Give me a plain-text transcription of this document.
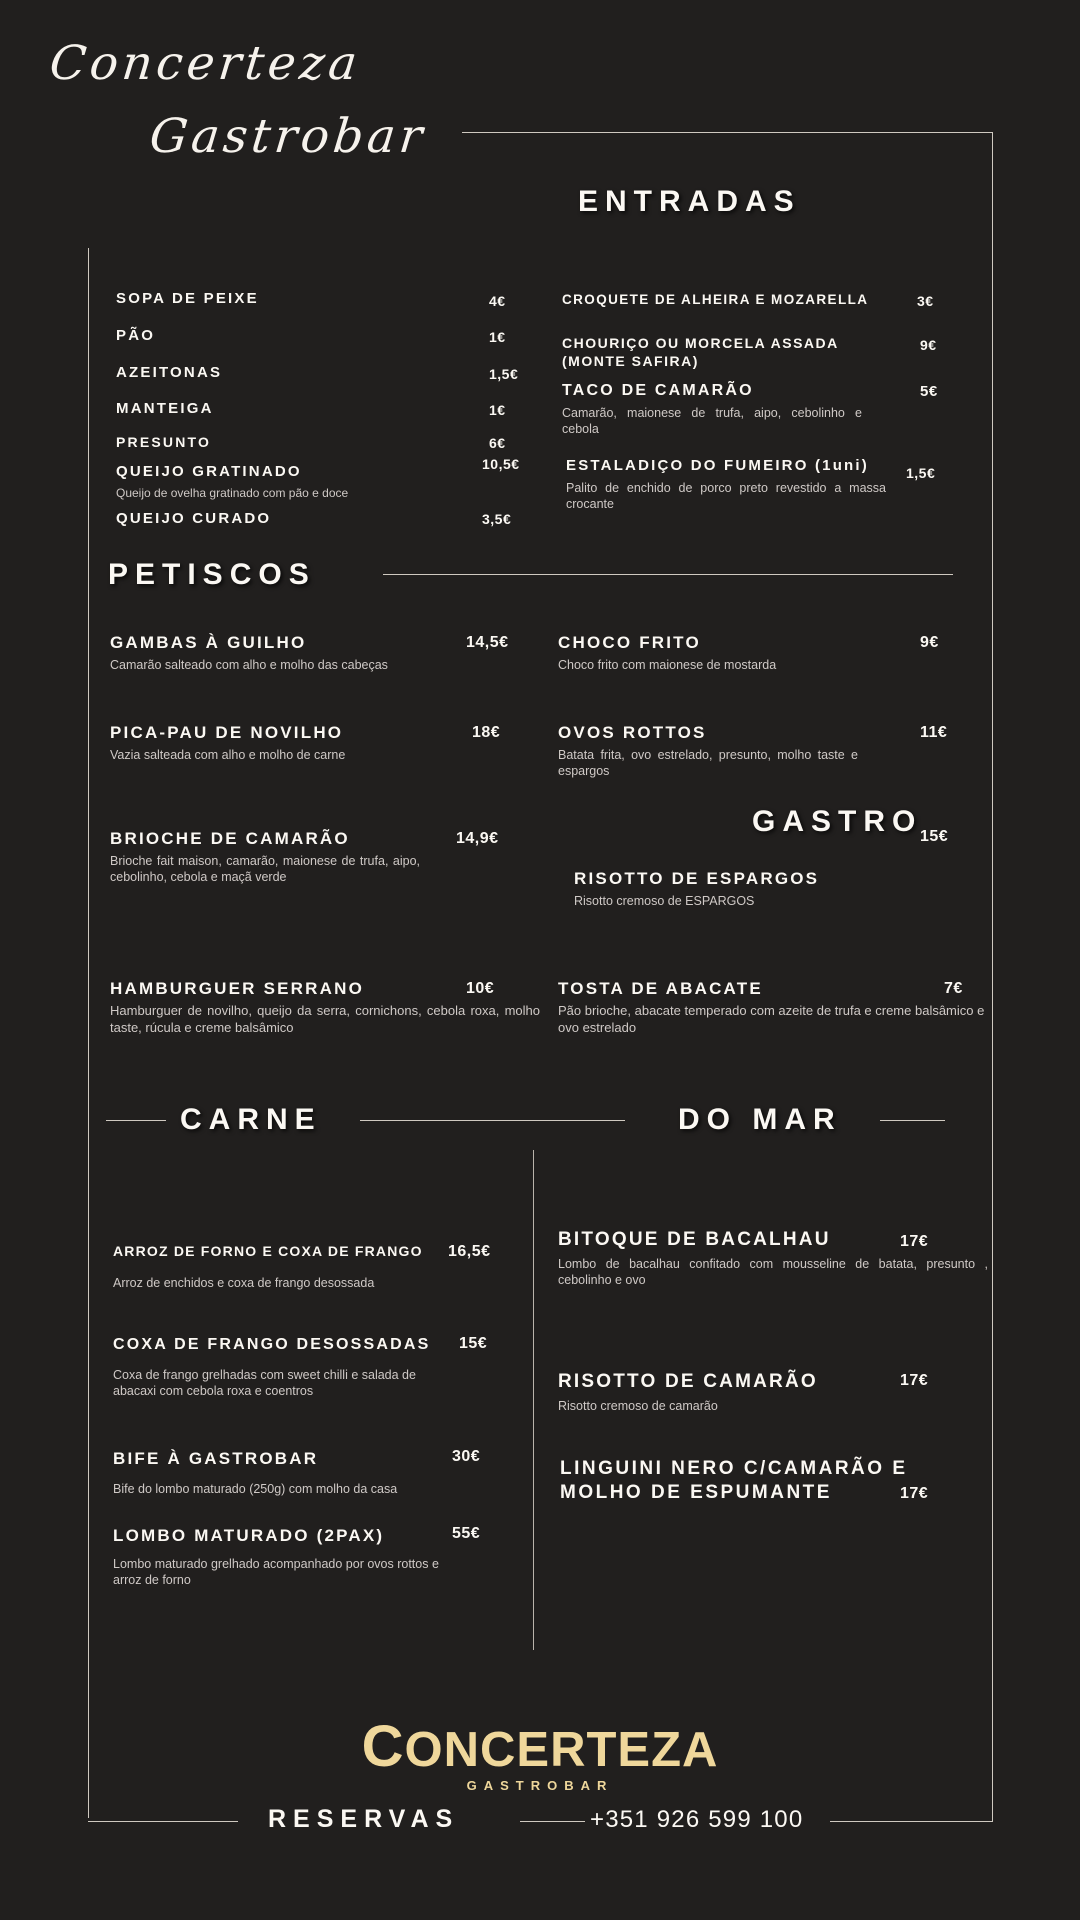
Concerteza
Gastrobar
ENTRADAS
SOPA DE PEIXE	4€
PÃO	1€
AZEITONAS	1,5€
MANTEIGA	1€
PRESUNTO	6€
QUEIJO GRATINADO
Queijo de ovelha gratinado com pão e doce
10,5€
QUEIJO CURADO	3,5€
CROQUETE DE ALHEIRA E MOZARELLA	3€
CHOURIÇO OU MORCELA ASSADA (MONTE SAFIRA)
9€
TACO DE CAMARÃO
Camarão, maionese de trufa, aipo, cebolinho e cebola
5€
ESTALADIÇO DO FUMEIRO (1uni)
Palito de enchido de porco preto revestido a massa crocante
1,5€
PETISCOS
GAMBAS À GUILHO
Camarão salteado com alho e molho das cabeças
14,5€
PICA-PAU DE NOVILHO
Vazia salteada com alho e molho de carne
18€
CHOCO FRITO
Choco frito com maionese de mostarda
9€
OVOS ROTTOS
Batata frita, ovo estrelado, presunto, molho taste e espargos
11€
GASTRO
BRIOCHE DE CAMARÃO
Brioche fait maison, camarão, maionese de trufa, aipo, cebolinho, cebola e maçã verde
14,9€
HAMBURGUER SERRANO
Hamburguer de novilho, queijo da serra, cornichons, cebola roxa, molho taste, rúcula e creme balsâmico
10€
RISOTTO DE ESPARGOS
Risotto cremoso de ESPARGOS
15€
TOSTA DE ABACATE
Pão brioche, abacate temperado com azeite de trufa e creme balsâmico e ovo estrelado
7€
CARNE	DO MAR
ARROZ DE FORNO E COXA DE FRANGO
Arroz de enchidos e coxa de frango desossada
16,5€
COXA DE FRANGO DESOSSADAS
Coxa de frango grelhadas com sweet chilli e salada de abacaxi com cebola roxa e coentros
15€
BIFE À GASTROBAR
Bife do lombo maturado (250g) com molho da casa
30€
LOMBO MATURADO (2PAX)
Lombo maturado grelhado acompanhado por ovos rottos e arroz de forno
55€
BITOQUE DE BACALHAU
Lombo de bacalhau confitado com mousseline de batata, presunto , cebolinho e ovo
17€
RISOTTO DE CAMARÃO
Risotto cremoso de camarão
17€
LINGUINI NERO C/CAMARÃO E MOLHO DE ESPUMANTE	17€
CONCERTEZA
GASTROBAR
RESERVAS	+351 926 599 100
